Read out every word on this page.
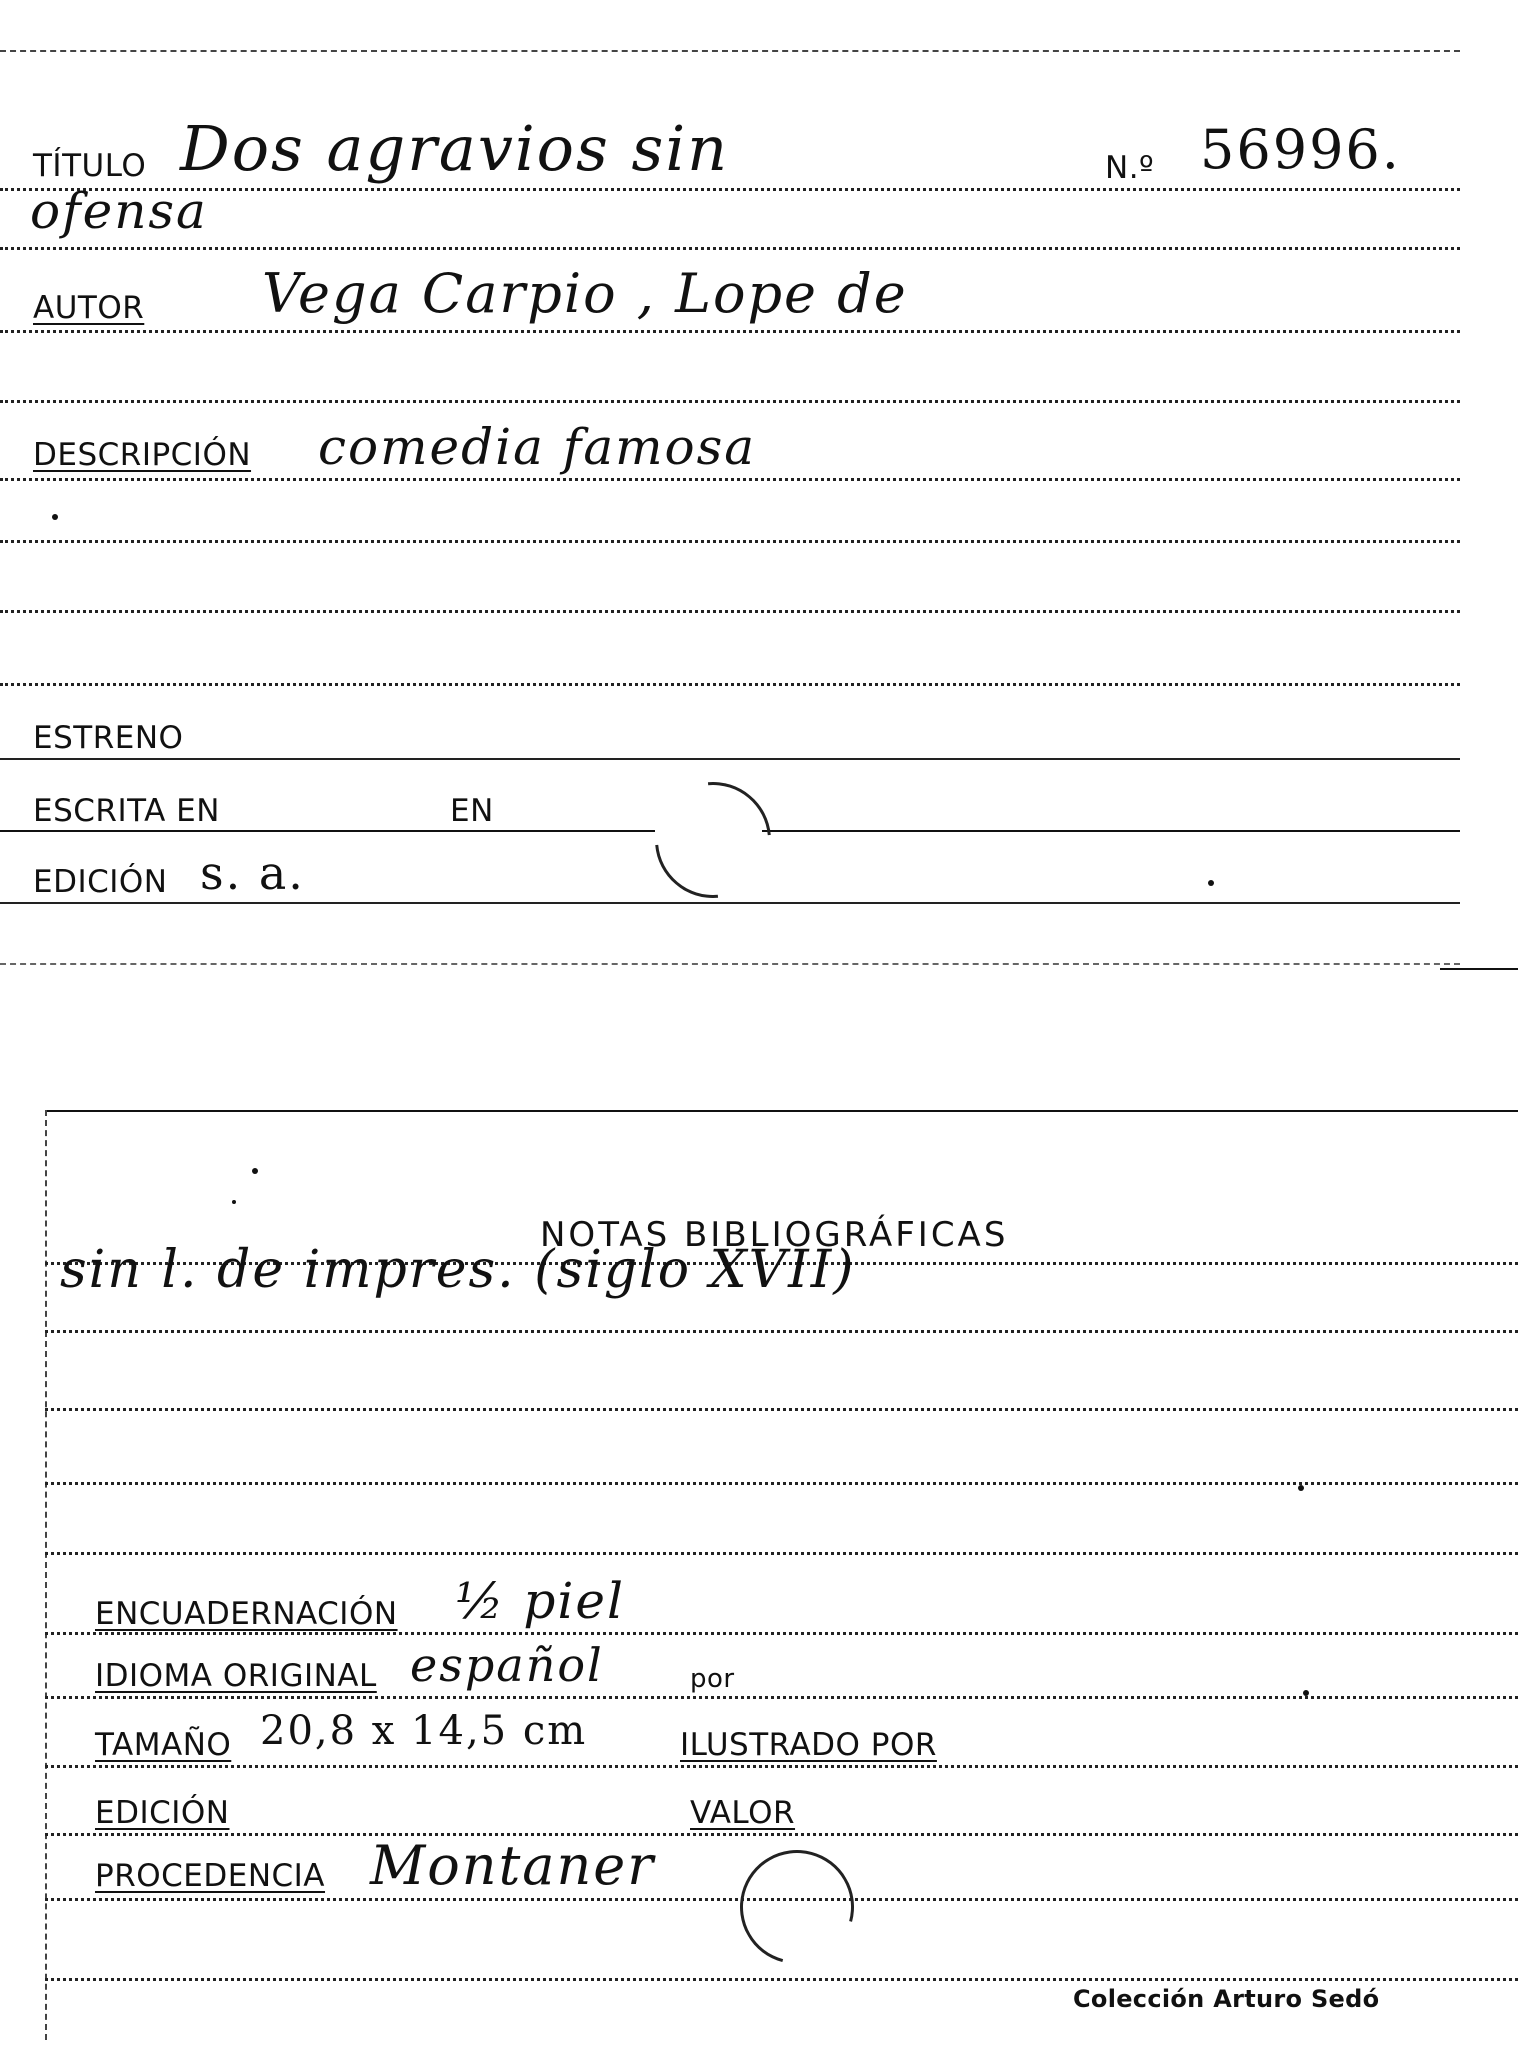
TÍTULO Dos agravios sin	N.º 56996.
ofensa
AUTOR Vega Carpio , Lope de
DESCRIPCIÓN comedia famosa
ESTRENO
ESCRITA EN	EN
EDICIÓN s. a.
NOTAS BIBLIOGRÁFICAS
sin l. de impres. (siglo XVII)
ENCUADERNACIÓN ½ piel
IDIOMA ORIGINAL español	por
TAMAÑO 20,8 x 14,5 cm	ILUSTRADO POR
EDICIÓN	VALOR
PROCEDENCIA Montaner
Colección Arturo Sedó
